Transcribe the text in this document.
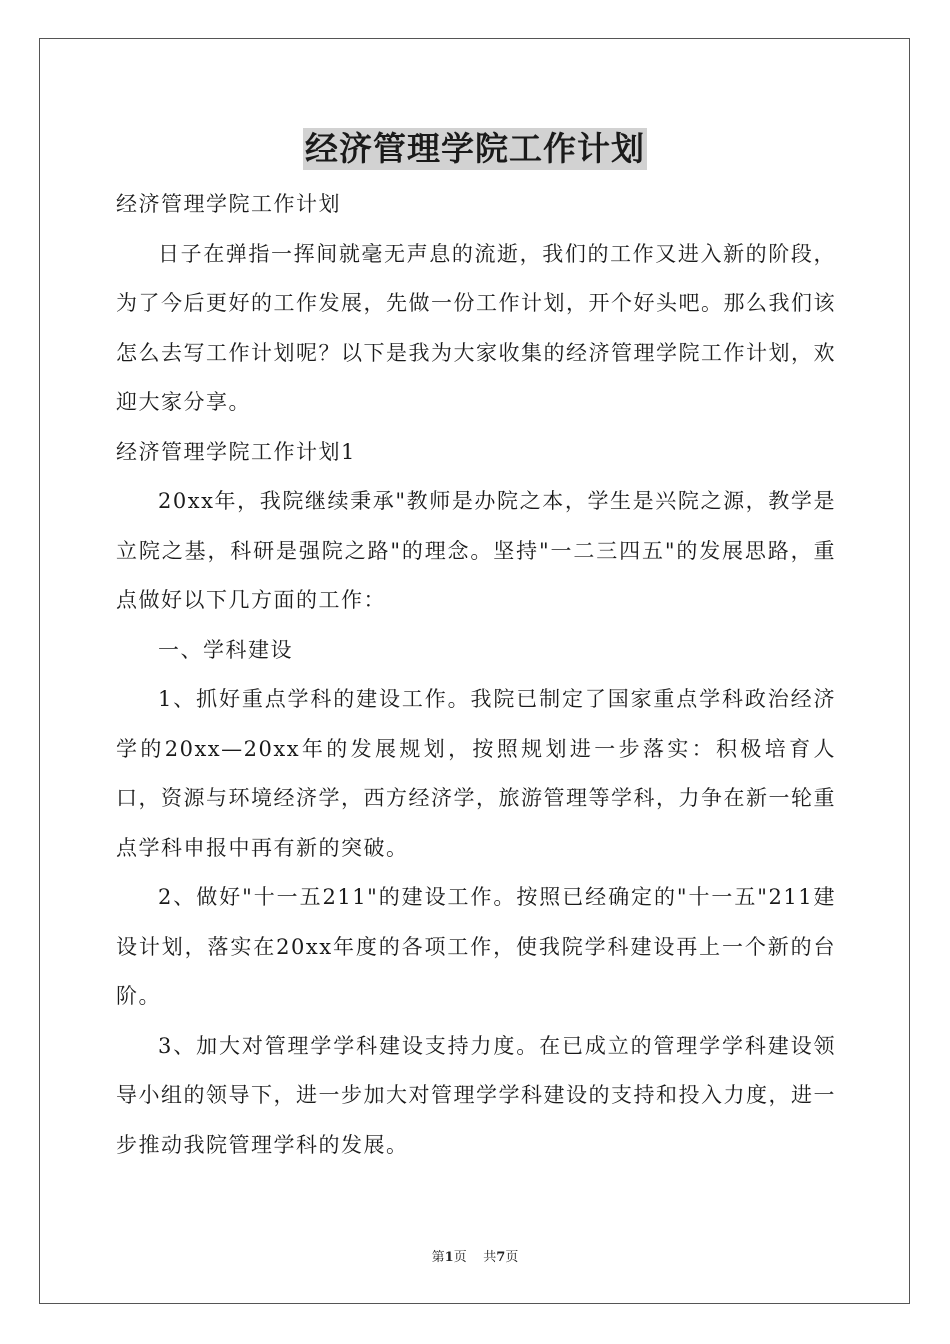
经济管理学院工作计划
经济管理学院工作计划

日子在弹指一挥间就毫无声息的流逝，我们的工作又进入新的阶段，为了今后更好的工作发展，先做一份工作计划，开个好头吧。那么我们该怎么去写工作计划呢？以下是我为大家收集的经济管理学院工作计划，欢迎大家分享。

经济管理学院工作计划1

20xx年，我院继续秉承"教师是办院之本，学生是兴院之源，教学是立院之基，科研是强院之路"的理念。坚持"一二三四五"的发展思路，重点做好以下几方面的工作：

一、学科建设

1、抓好重点学科的建设工作。我院已制定了国家重点学科政治经济学的20xx—20xx年的发展规划，按照规划进一步落实：积极培育人口，资源与环境经济学，西方经济学，旅游管理等学科，力争在新一轮重点学科申报中再有新的突破。

2、做好"十一五211"的建设工作。按照已经确定的"十一五"211建设计划，落实在20xx年度的各项工作，使我院学科建设再上一个新的台阶。

3、加大对管理学学科建设支持力度。在已成立的管理学学科建设领导小组的领导下，进一步加大对管理学学科建设的支持和投入力度，进一步推动我院管理学科的发展。

第1页 共7页
